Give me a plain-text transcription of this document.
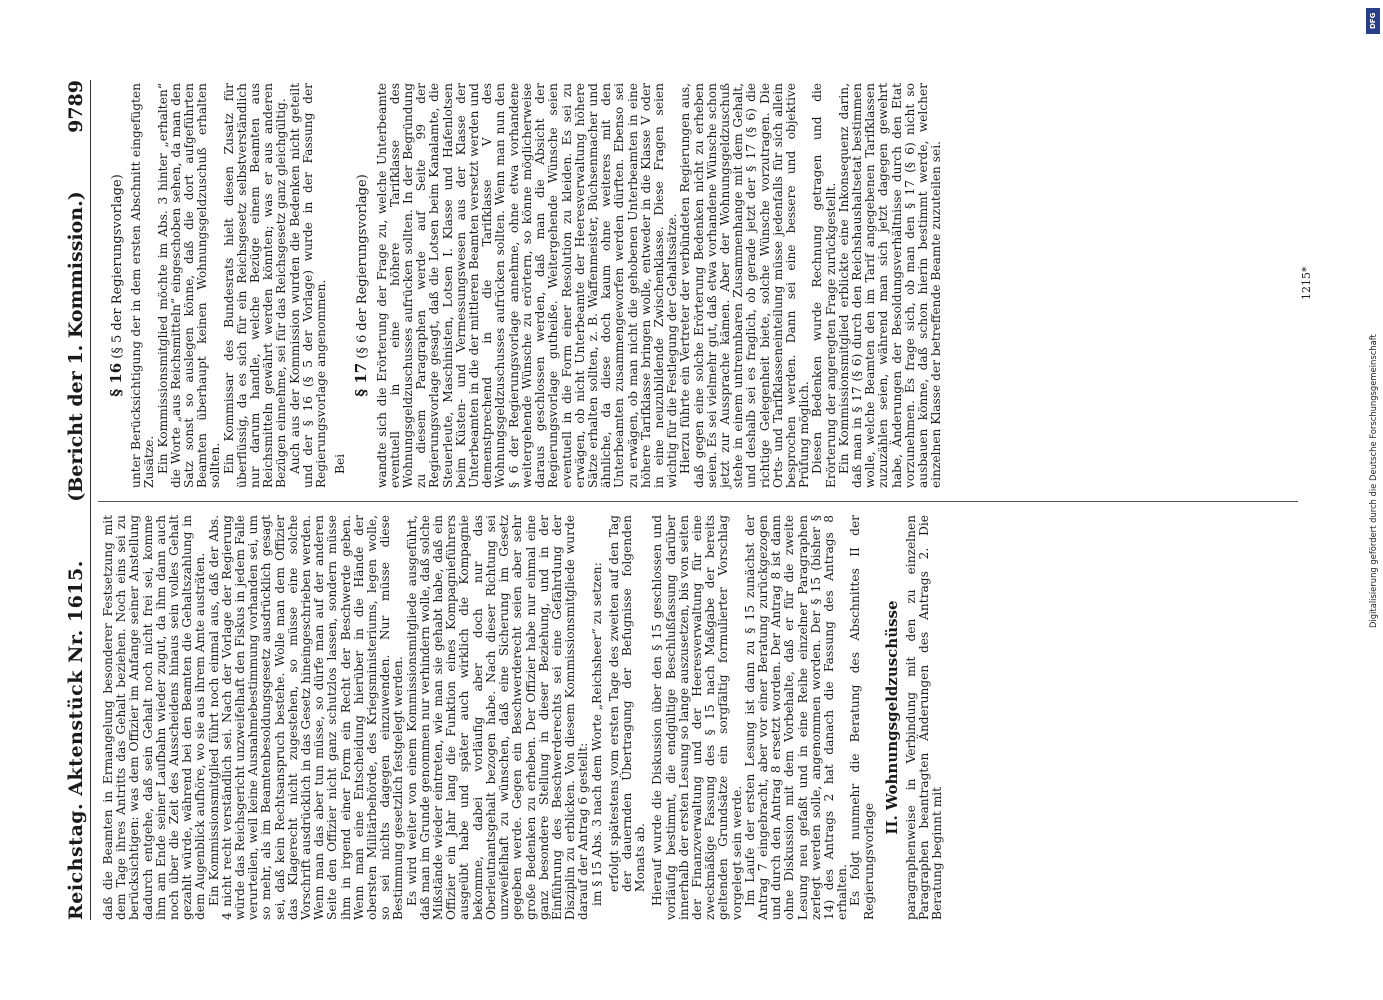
Reichstag. Aktenstück Nr. 1615.
(Bericht der 1. Kommission.)
9789

daß die Beamten in Ermangelung besonderer Festsetzung mit dem Tage ihres Antritts das Gehalt beziehen. Noch eins sei zu berücksichtigen: was dem Offizier im Anfange seiner Anstellung dadurch entgehe, daß sein Gehalt noch nicht frei sei, komme ihm am Ende seiner Laufbahn wieder zugut, da ihm dann auch noch über die Zeit des Ausscheidens hinaus sein volles Gehalt gezahlt würde, während bei den Beamten die Gehaltszahlung in dem Augenblick aufhöre, wo sie aus ihrem Amte austräten. Ein Kommissionsmitglied führt noch einmal aus, daß der Abs. 4 nicht recht verständlich sei. Nach der Vorlage der Regierung würde das Reichsgericht unzweifelhaft den Fiskus in jedem Falle verurteilen, weil keine Ausnahmebestimmung vorhanden sei, um so mehr, als im Beamtenbesoldungsgesetz ausdrücklich gesagt sei, daß kein Rechtsanspruch bestehe. Wolle man dem Offizier das Klagerecht nicht zugestehen, so müsse eine solche Vorschrift ausdrücklich in das Gesetz hineingeschrieben werden. Wenn man das aber tun müsse, so dürfe man auf der anderen Seite den Offizier nicht ganz schutzlos lassen, sondern müsse ihm in irgend einer Form ein Recht der Beschwerde geben. Wenn man eine Entscheidung hierüber in die Hände der obersten Militärbehörde, des Kriegsministeriums, legen wolle, so sei nichts dagegen einzuwenden. Nur müsse diese Bestimmung gesetzlich festgelegt werden. Es wird weiter von einem Kommissionsmitgliede ausgeführt, daß man im Grunde genommen nur verhindern wolle, daß solche Mißstände wieder eintreten, wie man sie gehabt habe, daß ein Offizier ein Jahr lang die Funktion eines Kompagnieführers ausgeübt habe und später auch wirklich die Kompagnie bekomme, dabei vorläufig aber doch nur das Oberleutnantsgehalt bezogen habe. Nach dieser Richtung sei unzweifelhaft zu wünschen, daß eine Sicherung im Gesetz gegeben werde. Gegen ein Beschwerderecht seien aber sehr große Bedenken zu erheben. Der Offizier habe nur einmal eine ganz besondere Stellung in dieser Beziehung, und in der Einführung des Beschwerderechts sei eine Gefährdung der Disziplin zu erblicken. Von diesem Kommissionsmitgliede wurde darauf der Antrag 6 gestellt: im § 15 Abs. 3 nach dem Worte „Reichsheer“ zu setzen: erfolgt spätestens vom ersten Tage des zweiten auf den Tag der dauernden Übertragung der Befugnisse folgenden Monats ab. Hierauf wurde die Diskussion über den § 15 geschlossen und vorläufig bestimmt, die endgültige Beschlußfassung darüber innerhalb der ersten Lesung so lange auszusetzen, bis von seiten der Finanzverwaltung und der Heeresverwaltung für eine zweckmäßige Fassung des § 15 nach Maßgabe der bereits geltenden Grundsätze ein sorgfältig formulierter Vorschlag vorgelegt sein werde. Im Laufe der ersten Lesung ist dann zu § 15 zunächst der Antrag 7 eingebracht, aber vor einer Beratung zurückgezogen und durch den Antrag 8 ersetzt worden. Der Antrag 8 ist dann ohne Diskussion mit dem Vorbehalte, daß er für die zweite Lesung neu gefaßt und in eine Reihe einzelner Paragraphen zerlegt werden solle, angenommen worden. Der § 15 (bisher § 14) des Antrags 2 hat danach die Fassung des Antrags 8 erhalten. Es folgt nunmehr die Beratung des Abschnittes II der Regierungsvorlage

II. Wohnungsgeldzuschüsse paragraphenweise in Verbindung mit den zu einzelnen Paragraphen beantragten Änderungen des Antrags 2. Die Beratung beginnt mit

§ 16 (§ 5 der Regierungsvorlage) unter Berücksichtigung der in dem ersten Abschnitt eingefügten Zusätze. Ein Kommissionsmitglied möchte im Abs. 3 hinter „erhalten“ die Worte „aus Reichsmitteln“ eingeschoben sehen, da man den Satz sonst so auslegen könne, daß die dort aufgeführten Beamten überhaupt keinen Wohnungsgeldzuschuß erhalten sollten. Ein Kommissar des Bundesrats hielt diesen Zusatz für überflüssig, da es sich für ein Reichsgesetz selbstverständlich nur darum handle, welche Bezüge einem Beamten aus Reichsmitteln gewährt werden könnten; was er aus anderen Bezügen einnehme, sei für das Reichsgesetz ganz gleichgültig. Auch aus der Kommission wurden die Bedenken nicht geteilt und der § 16 (§ 5 der Vorlage) wurde in der Fassung der Regierungsvorlage angenommen. Bei

§ 17 (§ 6 der Regierungsvorlage) wandte sich die Erörterung der Frage zu, welche Unterbeamte eventuell in eine höhere Tarifklasse des Wohnungsgeldzuschusses aufrücken sollten. In der Begründung zu diesem Paragraphen werde auf Seite 99 der Regierungsvorlage gesagt, daß die Lotsen beim Kanalamte, die Steuerleute, Maschinisten, Lotsen I. Klasse und Hafenlotsen beim Küsten- und Vermessungswesen aus der Klasse der Unterbeamten in die der mittleren Beamten versetzt werden und demenstprechend in die Tarifklasse V des Wohnungsgeldzuschusses aufrücken sollten. Wenn man nun den § 6 der Regierungsvorlage annehme, ohne etwa vorhandene weitergehende Wünsche zu erörtern, so könne möglicherweise daraus geschlossen werden, daß man die Absicht der Regierungsvorlage gutheiße. Weitergehende Wünsche seien eventuell in die Form einer Resolution zu kleiden. Es sei zu erwägen, ob nicht Unterbeamte der Heeresverwaltung höhere Sätze erhalten sollten, z. B. Waffenmeister, Büchsenmacher und ähnliche, da diese doch kaum ohne weiteres mit den Unterbeamten zusammengeworfen werden dürften. Ebenso sei zu erwägen, ob man nicht die gehobenen Unterbeamten in eine höhere Tarifklasse bringen wolle, entweder in die Klasse V oder in eine neuzubildende Zwischenklasse. Diese Fragen seien wichtig für die Festlegung der Gehaltssätze. Hierzu führte ein Vertreter der verbündeten Regierungen aus, daß gegen eine solche Erörterung Bedenken nicht zu erheben seien. Es sei vielmehr gut, daß etwa vorhandene Wünsche schon jetzt zur Aussprache kämen. Aber der Wohnungsgeldzuschuß stehe in einem untrennbaren Zusammenhange mit dem Gehalt, und deshalb sei es fraglich, ob gerade jetzt der § 17 (§ 6) die richtige Gelegenheit biete, solche Wünsche vorzutragen. Die Orts- und Tarifklasseneinteilung müsse jedenfalls für sich allein besprochen werden. Dann sei eine bessere und objektive Prüfung möglich. Diesen Bedenken wurde Rechnung getragen und die Erörterung der angeregten Frage zurückgestellt. Ein Kommissionsmitglied erblickte eine Inkonsequenz darin, daß man in § 17 (§ 6) durch den Reichshaushaltsetat bestimmen wolle, welche Beamten den im Tarif angegebenen Tarifklassen zuzuzählen seien, während man sich jetzt dagegen gewehrt habe, Änderungen der Besoldungsverhältnisse durch den Etat vorzunehmen. Es frage sich, ob man den § 17 (§ 6) nicht so ausbauen könne, daß schon hierin bestimmt werde, welcher einzelnen Klasse der betreffende Beamte zuzuteilen sei.	1215*
DFG
Digitalisierung gefördert durch die Deutsche Forschungsgemeinschaft
